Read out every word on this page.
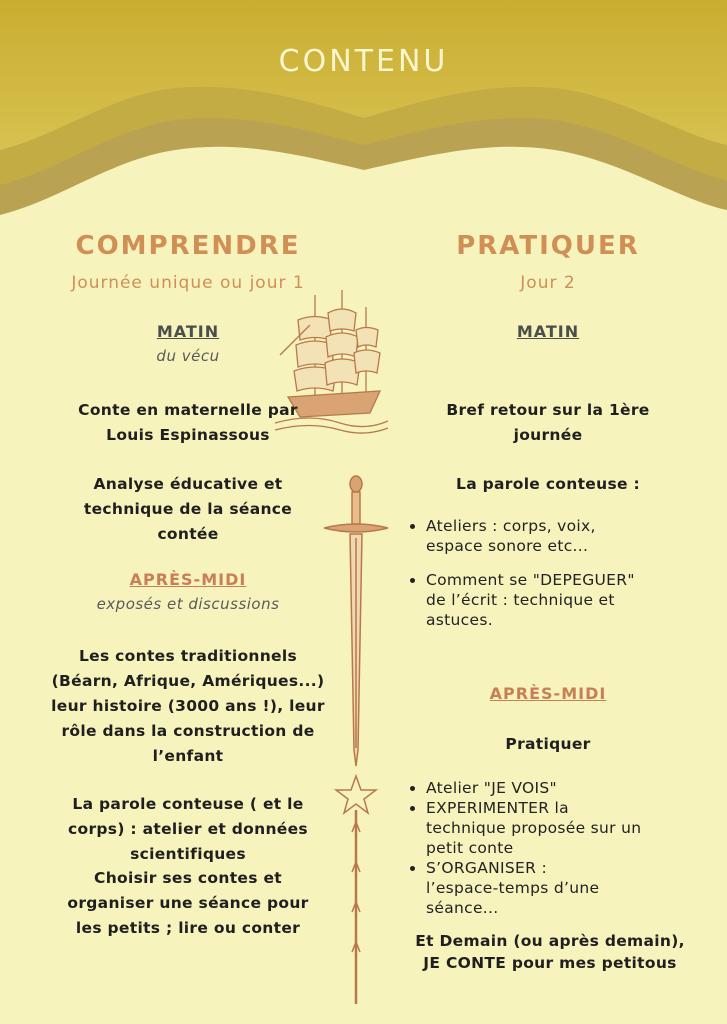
CONTENU
COMPRENDRE
Journée unique ou jour 1
MATIN
du vécu
Conte en maternelle par
Louis Espinassous
Analyse éducative et
technique de la séance
contée
APRÈS-MIDI
exposés et discussions
Les contes traditionnels
(Béarn, Afrique, Amériques...)
leur histoire (3000 ans !), leur
rôle dans la construction de
l’enfant
La parole conteuse ( et le
corps) : atelier et données
scientifiques
Choisir ses contes et
organiser une séance pour
les petits ; lire ou conter
PRATIQUER
Jour 2
MATIN
Bref retour sur la 1ère
journée
La parole conteuse :
• Ateliers : corps, voix,
espace sonore etc...
• Comment se "DEPEGUER"
de l’écrit : technique et
astuces.
APRÈS-MIDI
Pratiquer
• Atelier "JE VOIS"
• EXPERIMENTER la
technique proposée sur un
petit conte
• S’ORGANISER :
l’espace-temps d’une
séance...
Et Demain (ou après demain),
JE CONTE pour mes petitous
